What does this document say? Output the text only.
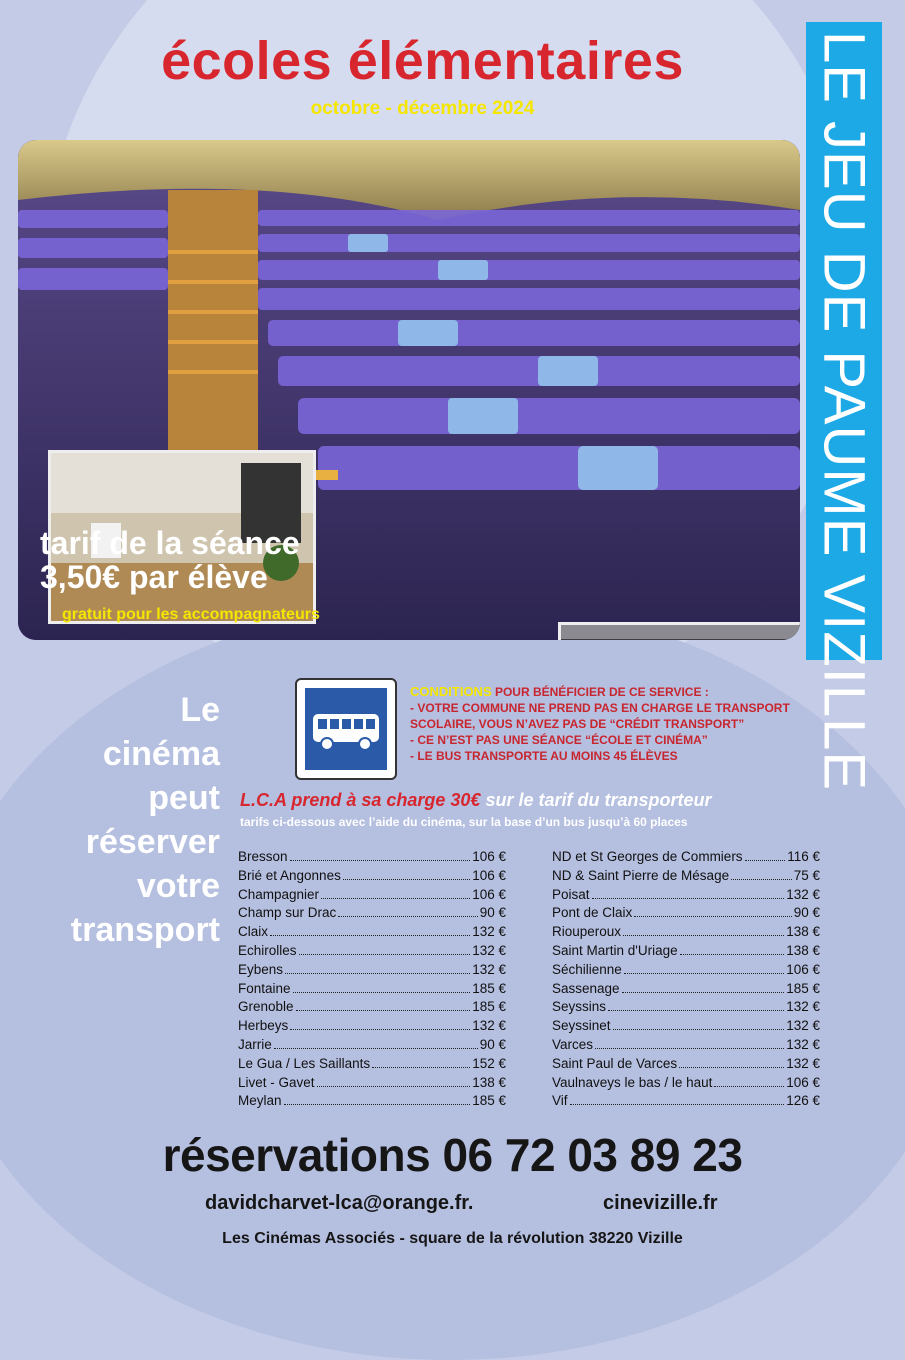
écoles élémentaires
octobre - décembre 2024	LE JEU DE PAUME VIZILLE
tarif de la séance
3,50€ par élève
gratuit pour les accompagnateurs
Le
cinéma
peut
réserver
votre
transport
CONDITIONS POUR BÉNÉFICIER DE CE SERVICE :
- VOTRE COMMUNE NE PREND PAS EN CHARGE LE TRANSPORT SCOLAIRE, VOUS N’AVEZ PAS DE “CRÉDIT TRANSPORT”
- CE N’EST PAS UNE SÉANCE “ÉCOLE ET CINÉMA”
- LE BUS TRANSPORTE AU MOINS 45 ÉLÈVES
L.C.A prend à sa charge 30€ sur le tarif du transporteur
tarifs ci-dessous avec l’aide du cinéma, sur la base d’un bus jusqu’à 60 places
Bresson	106 €
Brié et Angonnes	106 €
Champagnier	106 €
Champ sur Drac	90 €
Claix	132 €
Echirolles	132 €
Eybens	132 €
Fontaine	185 €
Grenoble	185 €
Herbeys	132 €
Jarrie	90 €
Le Gua / Les Saillants	152 €
Livet - Gavet	138 €
Meylan	185 €
ND et St Georges de Commiers	116 €
ND & Saint Pierre de Mésage	75 €
Poisat	132 €
Pont de Claix	90 €
Riouperoux	138 €
Saint Martin d'Uriage	138 €
Séchilienne	106 €
Sassenage	185 €
Seyssins	132 €
Seyssinet	132 €
Varces	132 €
Saint Paul de Varces	132 €
Vaulnaveys le bas / le haut	106 €
Vif	126 €
réservations 06 72 03 89 23
davidcharvet-lca@orange.fr.	cinevizille.fr
Les Cinémas Associés - square de la révolution 38220 Vizille
